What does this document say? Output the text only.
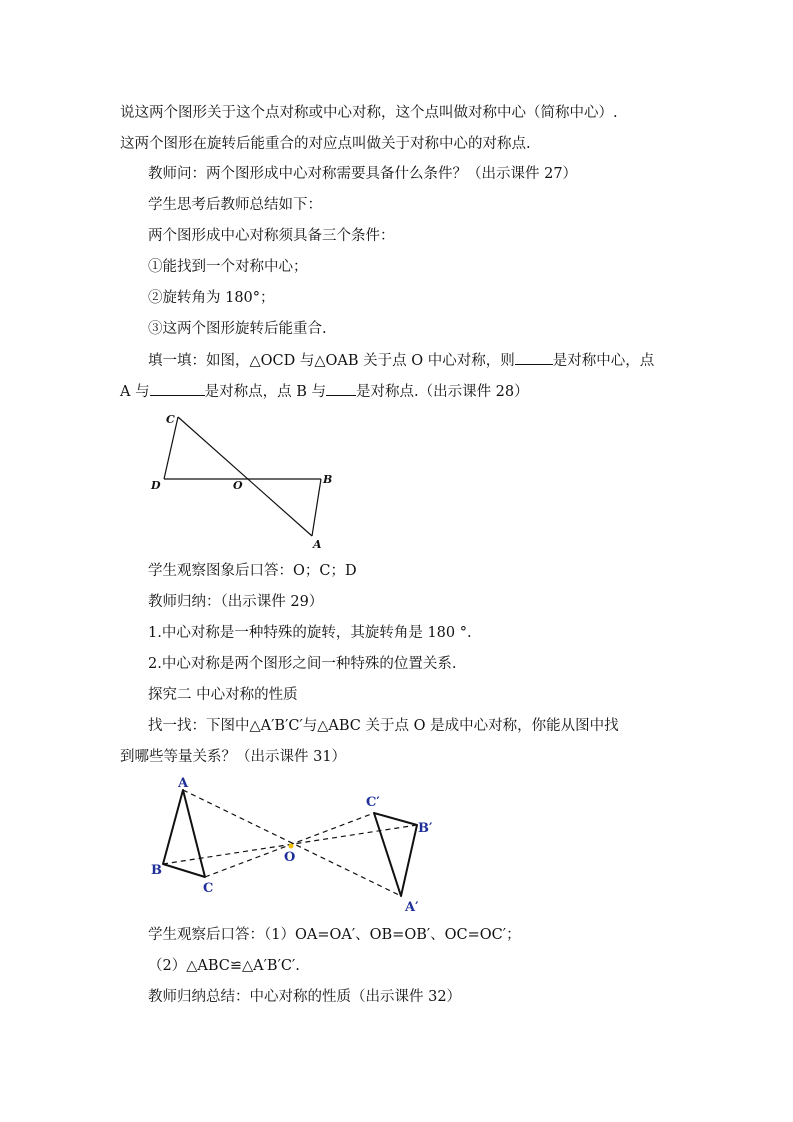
说这两个图形关于这个点对称或中心对称，这个点叫做对称中心（简称中心）.
这两个图形在旋转后能重合的对应点叫做关于对称中心的对称点.
教师问：两个图形成中心对称需要具备什么条件？（出示课件 27）
学生思考后教师总结如下：
两个图形成中心对称须具备三个条件：
①能找到一个对称中心；
②旋转角为 180°；
③这两个图形旋转后能重合.
填一填：如图，△OCD 与△OAB 关于点 O 中心对称，则	是对称中心，点
A 与	是对称点，点 B 与 是对称点.（出示课件 28）
C
D	O	B
A
学生观察图象后口答：O；C；D
教师归纳：（出示课件 29）
1.中心对称是一种特殊的旋转，其旋转角是 180 °.
2.中心对称是两个图形之间一种特殊的位置关系.
探究二 中心对称的性质
找一找：下图中△A′B′C′与△ABC 关于点 O 是成中心对称，你能从图中找
到哪些等量关系？（出示课件 31）
A
B
C
O
C′
B′
A′
学生观察后口答：（1）OA=OA′、OB=OB′、OC=OC′；
（2）△ABC≌△A′B′C′.
教师归纳总结：中心对称的性质（出示课件 32）
